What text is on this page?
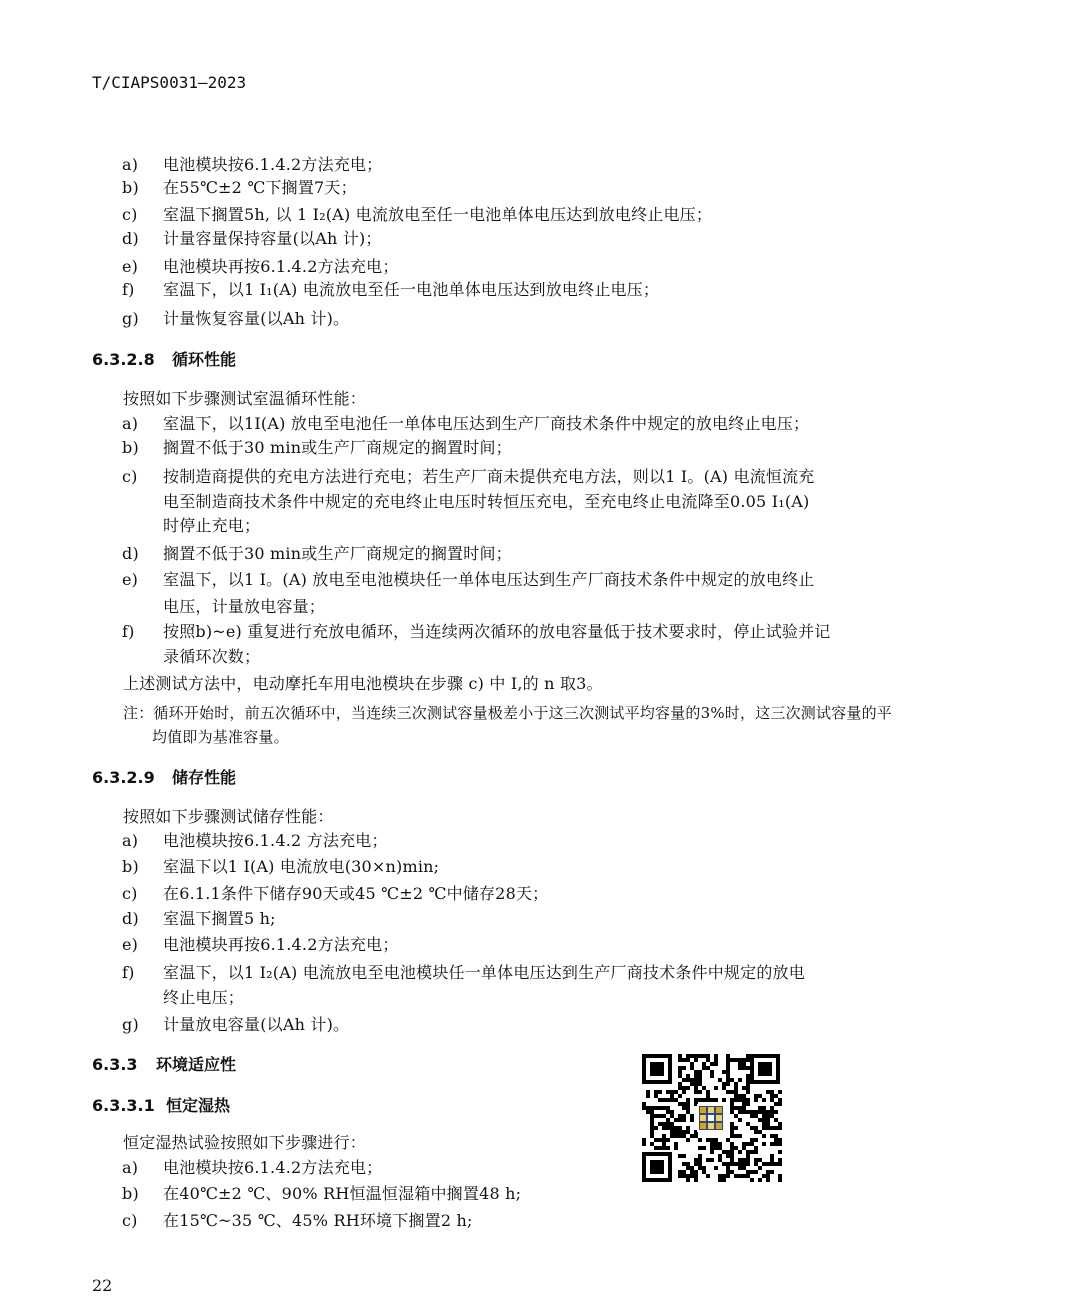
T/CIAPS0031—2023
a) 电池模块按6.1.4.2方法充电；
b) 在55℃±2 ℃下搁置7天；
c) 室温下搁置5h, 以 1 I₂(A) 电流放电至任一电池单体电压达到放电终止电压；
d) 计量容量保持容量(以Ah 计)；
e) 电池模块再按6.1.4.2方法充电；
f) 室温下，以1 I₁(A) 电流放电至任一电池单体电压达到放电终止电压；
g) 计量恢复容量(以Ah 计)。
6.3.2.8 循环性能
按照如下步骤测试室温循环性能：
a) 室温下，以1I(A) 放电至电池任一单体电压达到生产厂商技术条件中规定的放电终止电压；
b) 搁置不低于30 min或生产厂商规定的搁置时间；
c) 按制造商提供的充电方法进行充电；若生产厂商未提供充电方法，则以1 I。(A) 电流恒流充
电至制造商技术条件中规定的充电终止电压时转恒压充电，至充电终止电流降至0.05 I₁(A)
时停止充电；
d) 搁置不低于30 min或生产厂商规定的搁置时间；
e) 室温下，以1 I。(A) 放电至电池模块任一单体电压达到生产厂商技术条件中规定的放电终止
电压，计量放电容量；
f) 按照b)~e) 重复进行充放电循环，当连续两次循环的放电容量低于技术要求时，停止试验并记
录循环次数；
上述测试方法中，电动摩托车用电池模块在步骤 c) 中 I,的 n 取3。
注：循环开始时，前五次循环中，当连续三次测试容量极差小于这三次测试平均容量的3%时，这三次测试容量的平
均值即为基准容量。
6.3.2.9 储存性能
按照如下步骤测试储存性能：
a) 电池模块按6.1.4.2 方法充电；
b) 室温下以1 I(A) 电流放电(30×n)min;
c) 在6.1.1条件下储存90天或45 ℃±2 ℃中储存28天；
d) 室温下搁置5 h;
e) 电池模块再按6.1.4.2方法充电；
f) 室温下，以1 I₂(A) 电流放电至电池模块任一单体电压达到生产厂商技术条件中规定的放电
终止电压；
g) 计量放电容量(以Ah 计)。
6.3.3 环境适应性
6.3.3.1 恒定湿热
恒定湿热试验按照如下步骤进行：
a) 电池模块按6.1.4.2方法充电；
b) 在40℃±2 ℃、90% RH恒温恒湿箱中搁置48 h;
c) 在15℃~35 ℃、45% RH环境下搁置2 h;
22
